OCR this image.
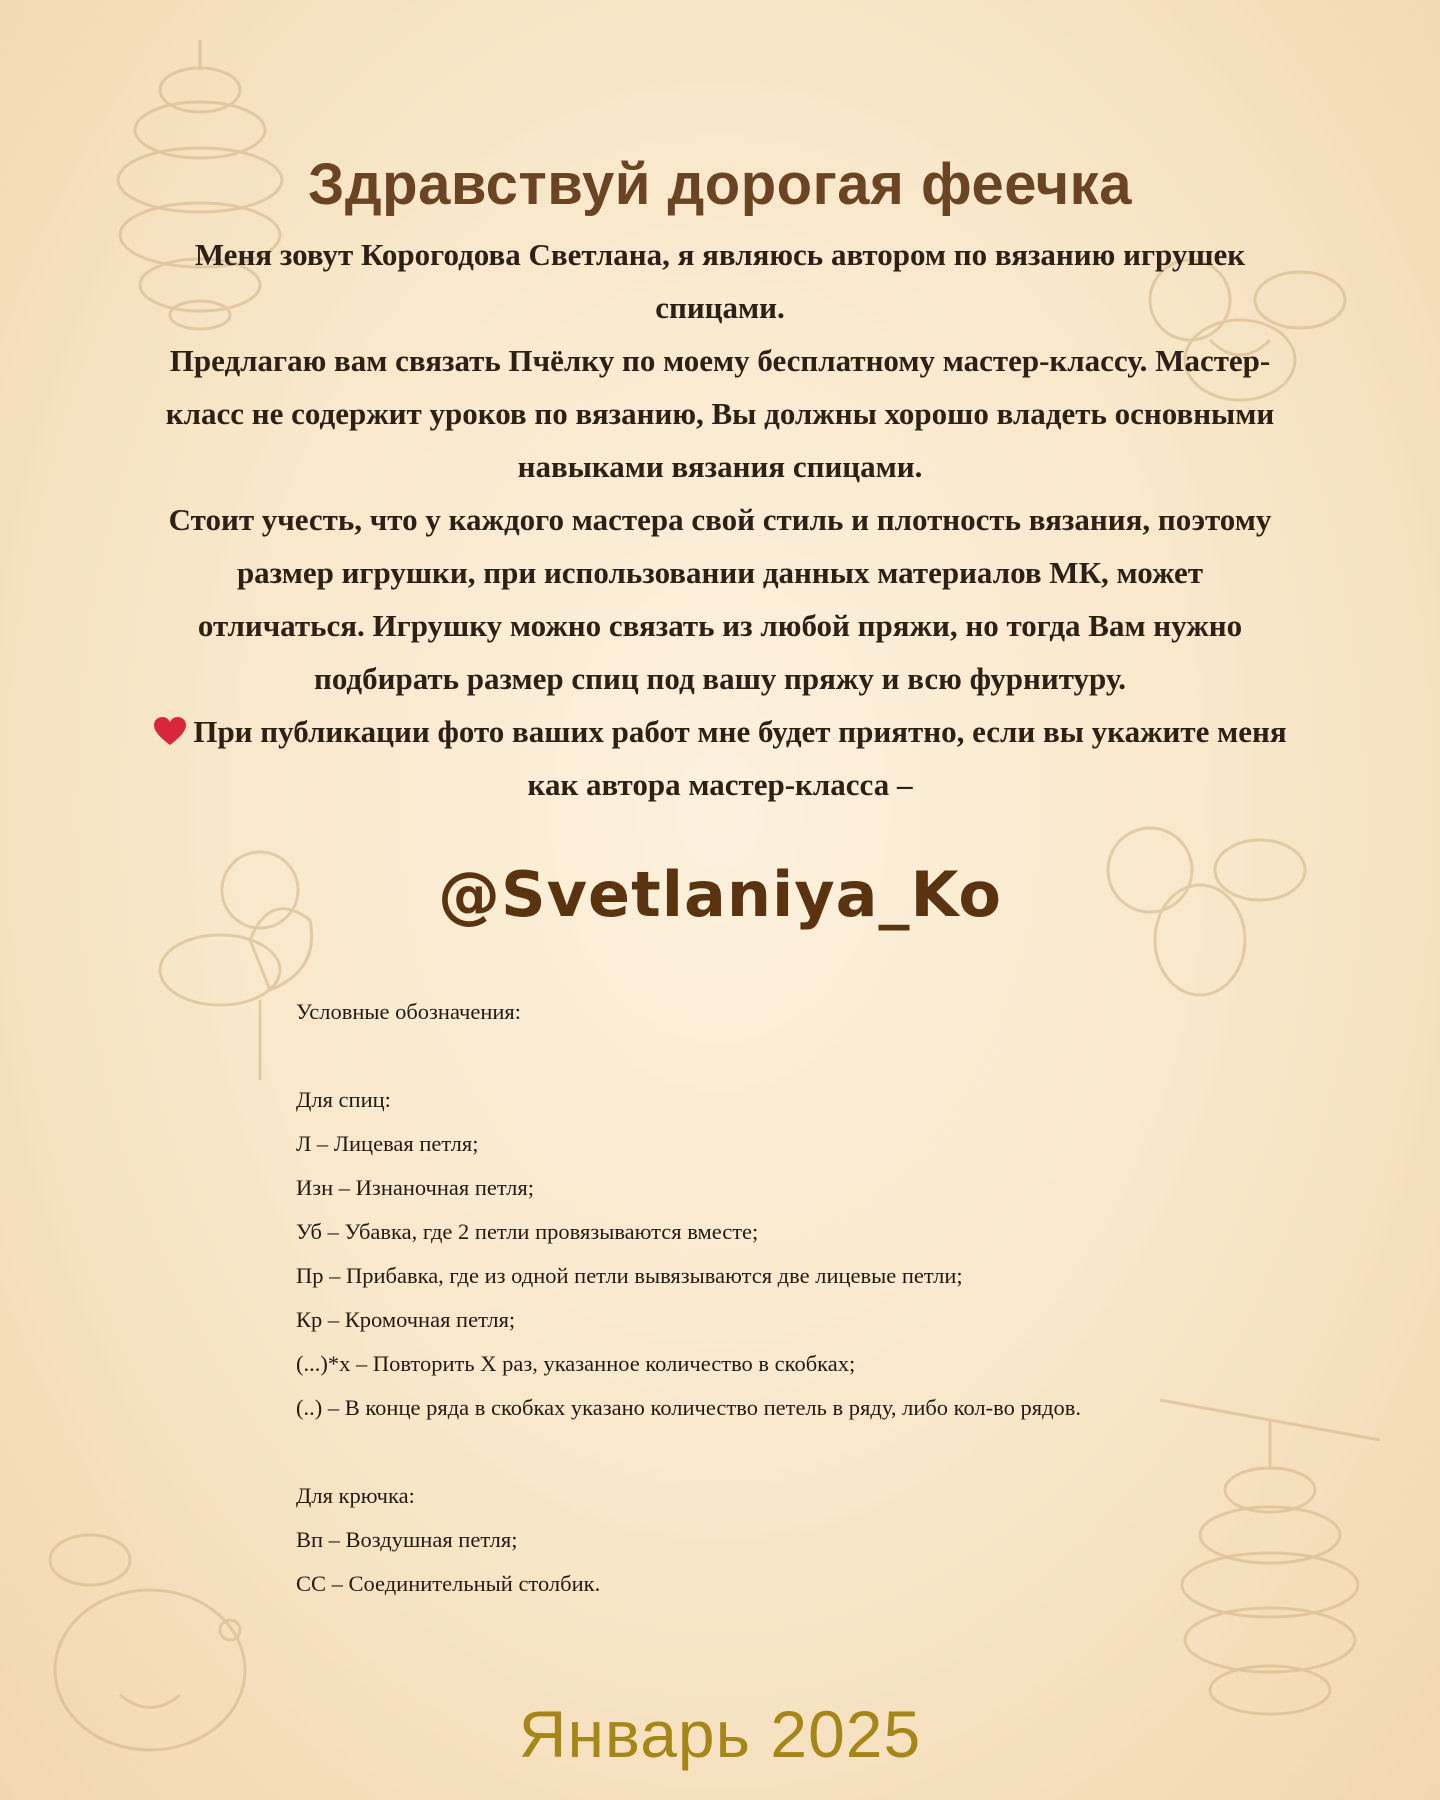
Здравствуй дорогая феечка

Меня зовут Корогодова Светлана, я являюсь автором по вязанию игрушек спицами.

Предлагаю вам связать Пчёлку по моему бесплатному мастер-классу. Мастер-класс не содержит уроков по вязанию, Вы должны хорошо владеть основными навыками вязания спицами.

Стоит учесть, что у каждого мастера свой стиль и плотность вязания, поэтому размер игрушки, при использовании данных материалов МК, может отличаться. Игрушку можно связать из любой пряжи, но тогда Вам нужно подбирать размер спиц под вашу пряжу и всю фурнитуру.

При публикации фото ваших работ мне будет приятно, если вы укажите меня как автора мастер-класса –

@Svetlaniya_Ko
Условные обозначения:
Для спиц:
Л – Лицевая петля;
Изн – Изнаночная петля;
Уб – Убавка, где 2 петли провязываются вместе;
Пр – Прибавка, где из одной петли вывязываются две лицевые петли;
Кр – Кромочная петля;
(...)*х – Повторить Х раз, указанное количество в скобках;
(..) – В конце ряда в скобках указано количество петель в ряду, либо кол-во рядов.
Для крючка:
Вп – Воздушная петля;
СС – Соединительный столбик.
Январь 2025
